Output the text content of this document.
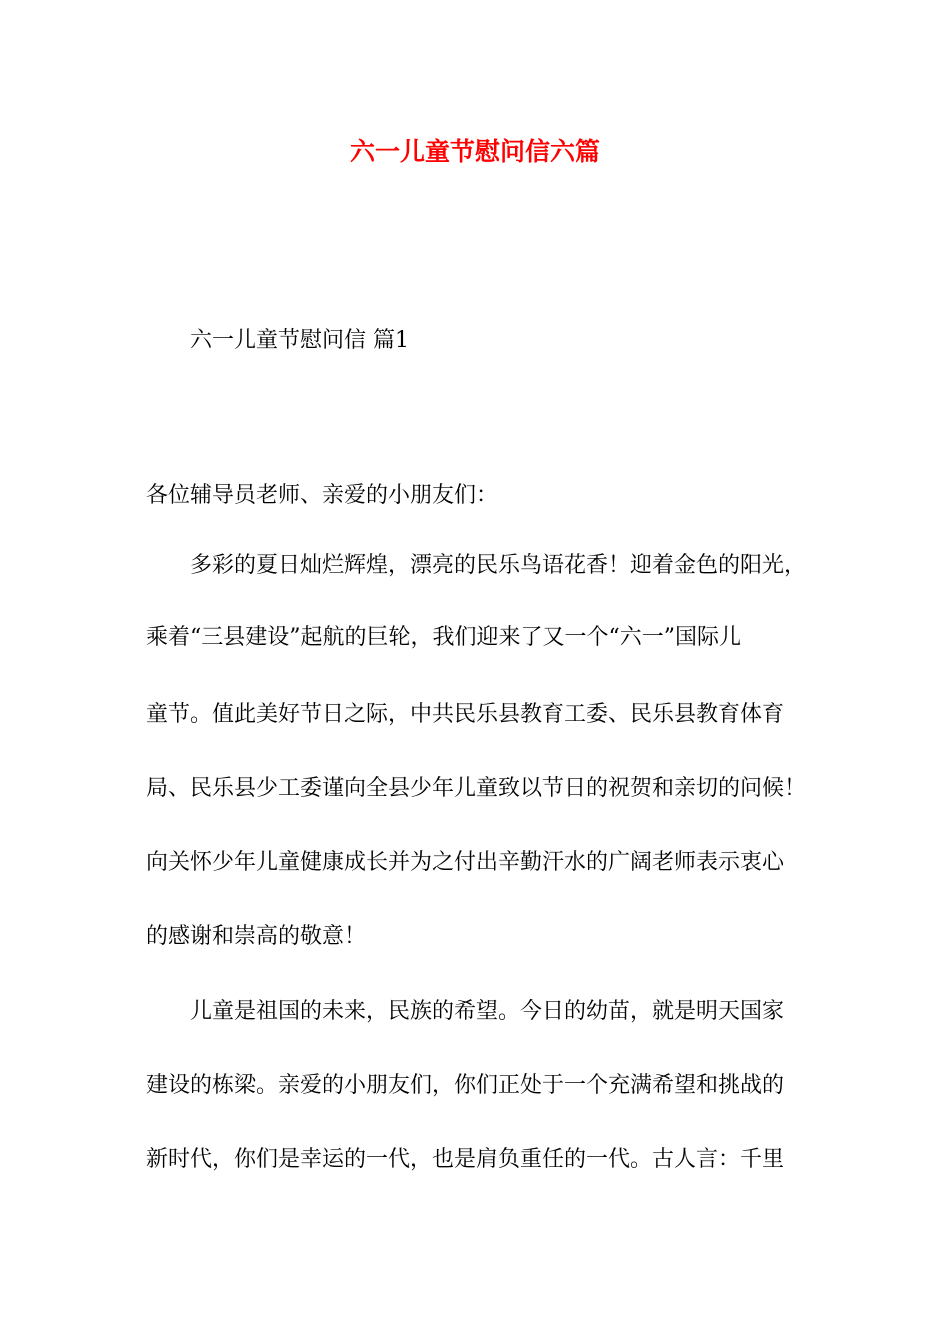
六一儿童节慰问信六篇

六一儿童节慰问信 篇1

各位辅导员老师、亲爱的小朋友们：

多彩的夏日灿烂辉煌，漂亮的民乐鸟语花香！迎着金色的阳光，

乘着“三县建设”起航的巨轮，我们迎来了又一个“六一”国际儿

童节。值此美好节日之际，中共民乐县教育工委、民乐县教育体育

局、民乐县少工委谨向全县少年儿童致以节日的祝贺和亲切的问候！

向关怀少年儿童健康成长并为之付出辛勤汗水的广阔老师表示衷心

的感谢和崇高的敬意！

儿童是祖国的未来，民族的希望。今日的幼苗，就是明天国家

建设的栋梁。亲爱的小朋友们，你们正处于一个充满希望和挑战的

新时代，你们是幸运的一代，也是肩负重任的一代。古人言：千里
